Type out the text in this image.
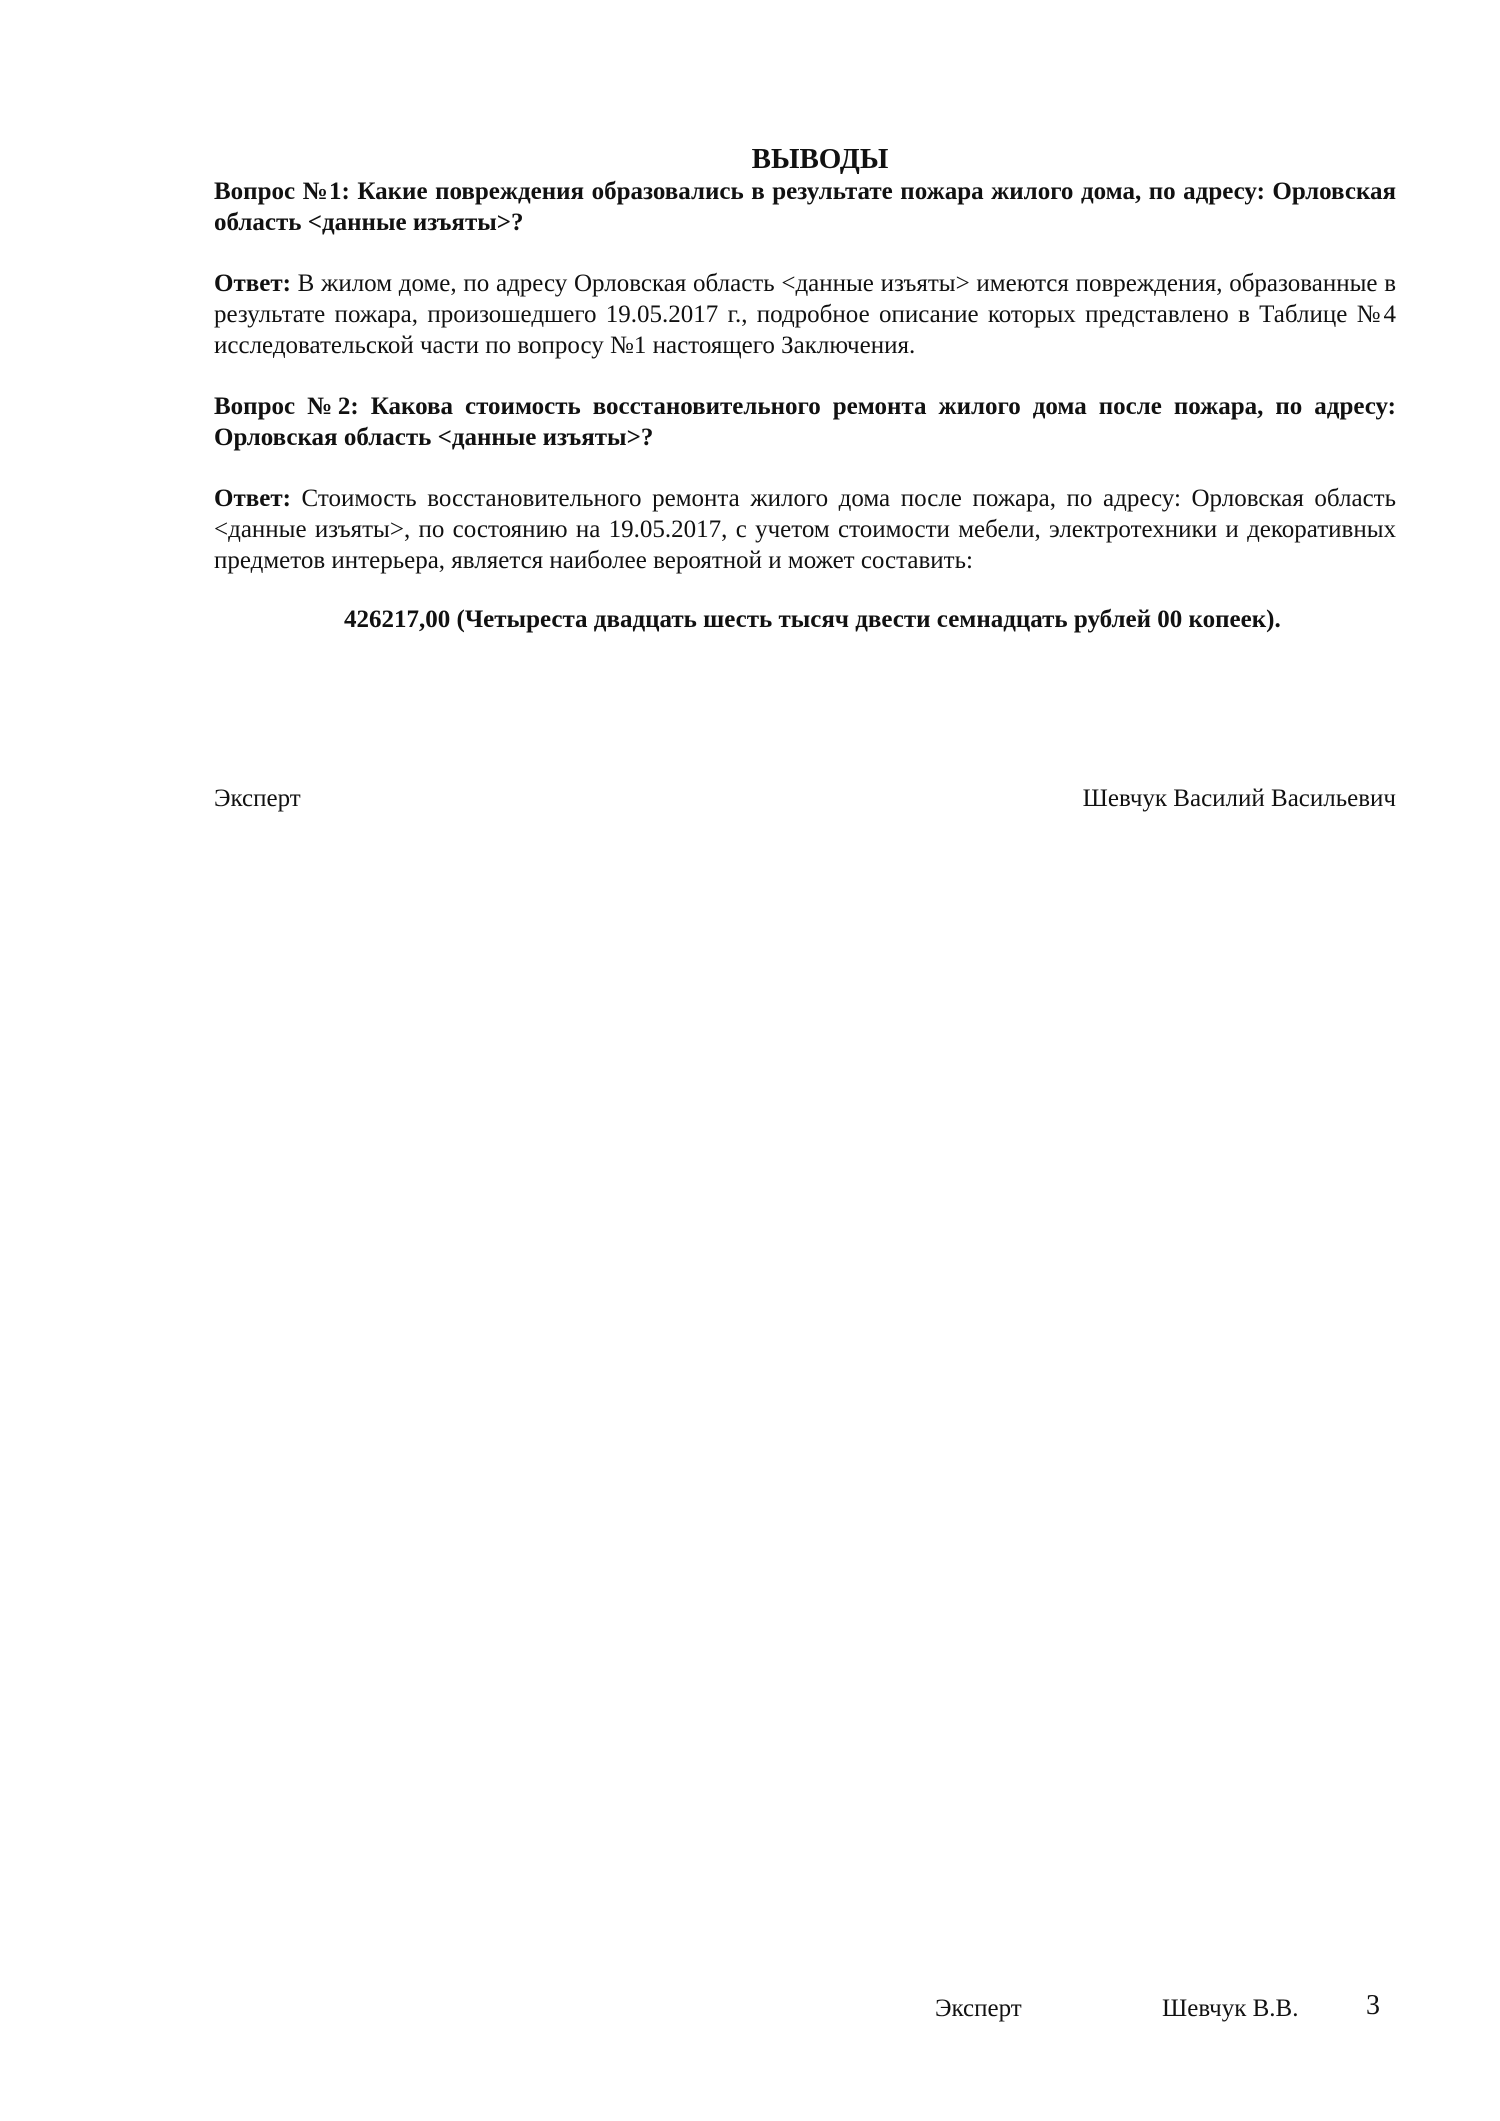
ВЫВОДЫ

Вопрос №1: Какие повреждения образовались в результате пожара жилого дома, по адресу: Орловская область <данные изъяты>?

Ответ: В жилом доме, по адресу Орловская область <данные изъяты> имеются повреждения, образованные в результате пожара, произошедшего 19.05.2017 г., подробное описание которых представлено в Таблице №4 исследовательской части по вопросу №1 настоящего Заключения.

Вопрос №2: Какова стоимость восстановительного ремонта жилого дома после пожара, по адресу: Орловская область <данные изъяты>?

Ответ: Стоимость восстановительного ремонта жилого дома после пожара, по адресу: Орловская область <данные изъяты>, по состоянию на 19.05.2017, с учетом стоимости мебели, электротехники и декоративных предметов интерьера, является наиболее вероятной и может составить:

426217,00 (Четыреста двадцать шесть тысяч двести семнадцать рублей 00 копеек).

Эксперт	Шевчук Василий Васильевич
Эксперт	Шевчук В.В. 3
